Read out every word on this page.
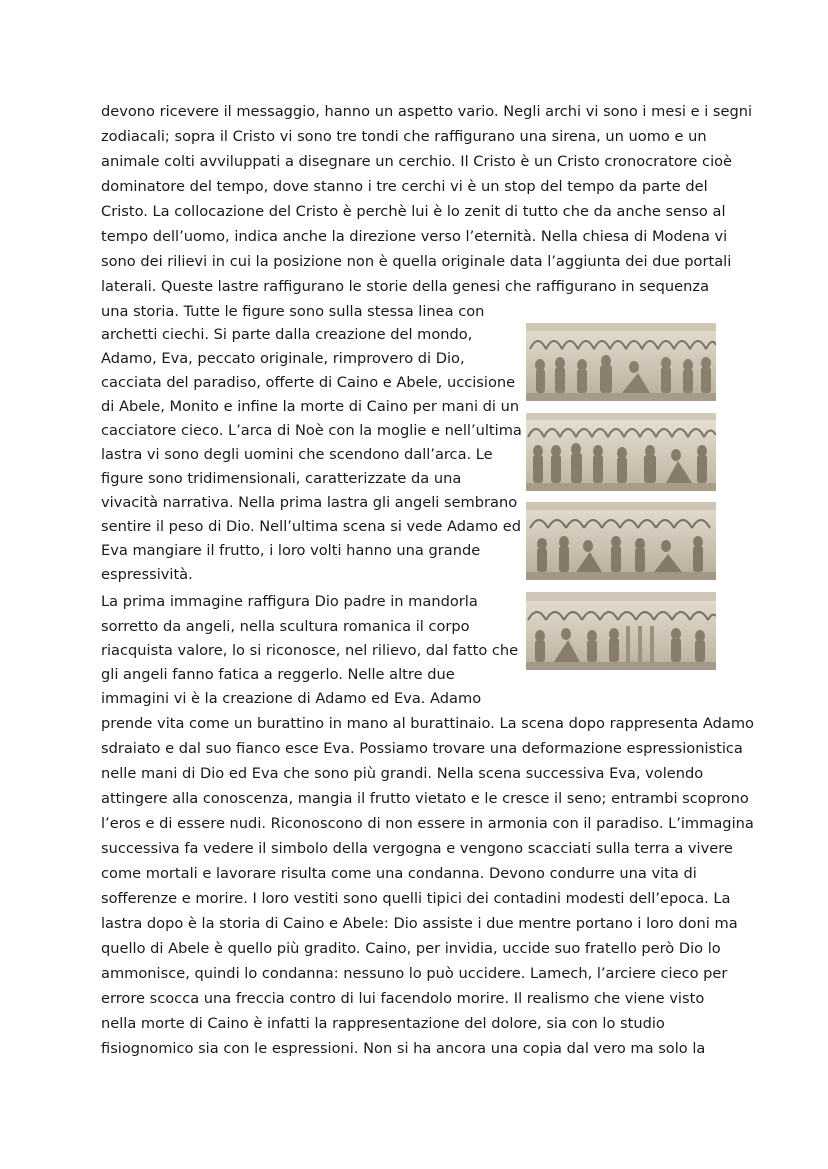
devono ricevere il messaggio, hanno un aspetto vario. Negli archi vi sono i mesi e i segni
zodiacali; sopra il Cristo vi sono tre tondi che raffigurano una sirena, un uomo e un
animale colti avviluppati a disegnare un cerchio. Il Cristo è un Cristo cronocratore cioè
dominatore del tempo, dove stanno i tre cerchi vi è un stop del tempo da parte del
Cristo. La collocazione del Cristo è perchè lui è lo zenit di tutto che da anche senso al
tempo dell’uomo, indica anche la direzione verso l’eternità. Nella chiesa di Modena vi
sono dei rilievi in cui la posizione non è quella originale data l’aggiunta dei due portali
laterali. Queste lastre raffigurano le storie della genesi che raffigurano in sequenza
una storia. Tutte le figure sono sulla stessa linea con
archetti ciechi. Si parte dalla creazione del mondo,
Adamo, Eva, peccato originale, rimprovero di Dio,
cacciata del paradiso, offerte di Caino e Abele, uccisione
di Abele, Monito e infine la morte di Caino per mani di un
cacciatore cieco. L’arca di Noè con la moglie e nell’ultima
lastra vi sono degli uomini che scendono dall’arca. Le
figure sono tridimensionali, caratterizzate da una
vivacità narrativa. Nella prima lastra gli angeli sembrano
sentire il peso di Dio. Nell’ultima scena si vede Adamo ed
Eva mangiare il frutto, i loro volti hanno una grande
espressività.
La prima immagine raffigura Dio padre in mandorla
sorretto da angeli, nella scultura romanica il corpo
riacquista valore, lo si riconosce, nel rilievo, dal fatto che
gli angeli fanno fatica a reggerlo. Nelle altre due
immagini vi è la creazione di Adamo ed Eva. Adamo
prende vita come un burattino in mano al burattinaio. La scena dopo rappresenta Adamo
sdraiato e dal suo fianco esce Eva. Possiamo trovare una deformazione espressionistica
nelle mani di Dio ed Eva che sono più grandi. Nella scena successiva Eva, volendo
attingere alla conoscenza, mangia il frutto vietato e le cresce il seno; entrambi scoprono
l’eros e di essere nudi. Riconoscono di non essere in armonia con il paradiso. L’immagina
successiva fa vedere il simbolo della vergogna e vengono scacciati sulla terra a vivere
come mortali e lavorare risulta come una condanna. Devono condurre una vita di
sofferenze e morire. I loro vestiti sono quelli tipici dei contadini modesti dell’epoca. La
lastra dopo è la storia di Caino e Abele: Dio assiste i due mentre portano i loro doni ma
quello di Abele è quello più gradito. Caino, per invidia, uccide suo fratello però Dio lo
ammonisce, quindi lo condanna: nessuno lo può uccidere. Lamech, l’arciere cieco per
errore scocca una freccia contro di lui facendolo morire. Il realismo che viene visto
nella morte di Caino è infatti la rappresentazione del dolore, sia con lo studio
fisiognomico sia con le espressioni. Non si ha ancora una copia dal vero ma solo la
